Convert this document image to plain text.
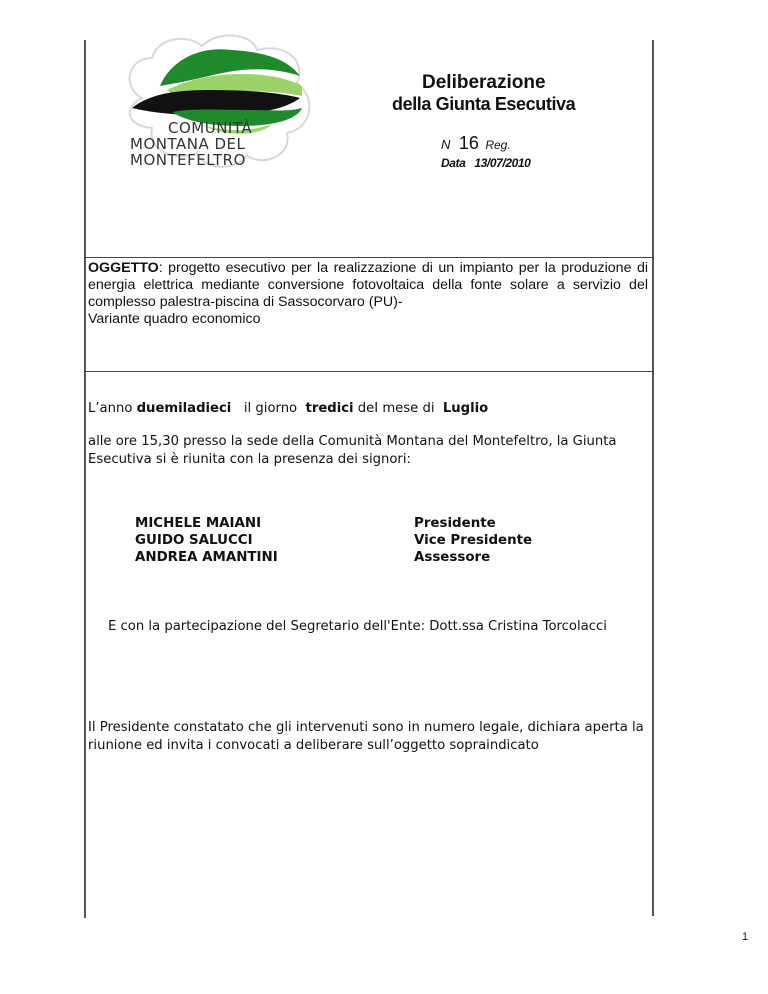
COMUNITÀ
MONTANA DEL
MONTEFELTRO
Deliberazione
della Giunta Esecutiva
N 16 Reg.
Data 13/07/2010
OGGETTO: progetto esecutivo per la realizzazione di un impianto per la produzione di energia elettrica mediante conversione fotovoltaica della fonte solare a servizio del complesso palestra-piscina di Sassocorvaro (PU)-
Variante quadro economico
L’anno duemiladieci   il giorno  tredici deI mese di  Luglio
alle ore 15,30 presso la sede della Comunità Montana del Montefeltro, la Giunta Esecutiva si è riunita con la presenza dei signori:
MICHELE MAIANI
GUIDO SALUCCI
ANDREA AMANTINI
Presidente
Vice Presidente
Assessore
E con la partecipazione del Segretario dell'Ente: Dott.ssa Cristina Torcolacci
Il Presidente constatato che gli intervenuti sono in numero legale, dichiara aperta la riunione ed invita i convocati a deliberare sull’oggetto sopraindicato
1
